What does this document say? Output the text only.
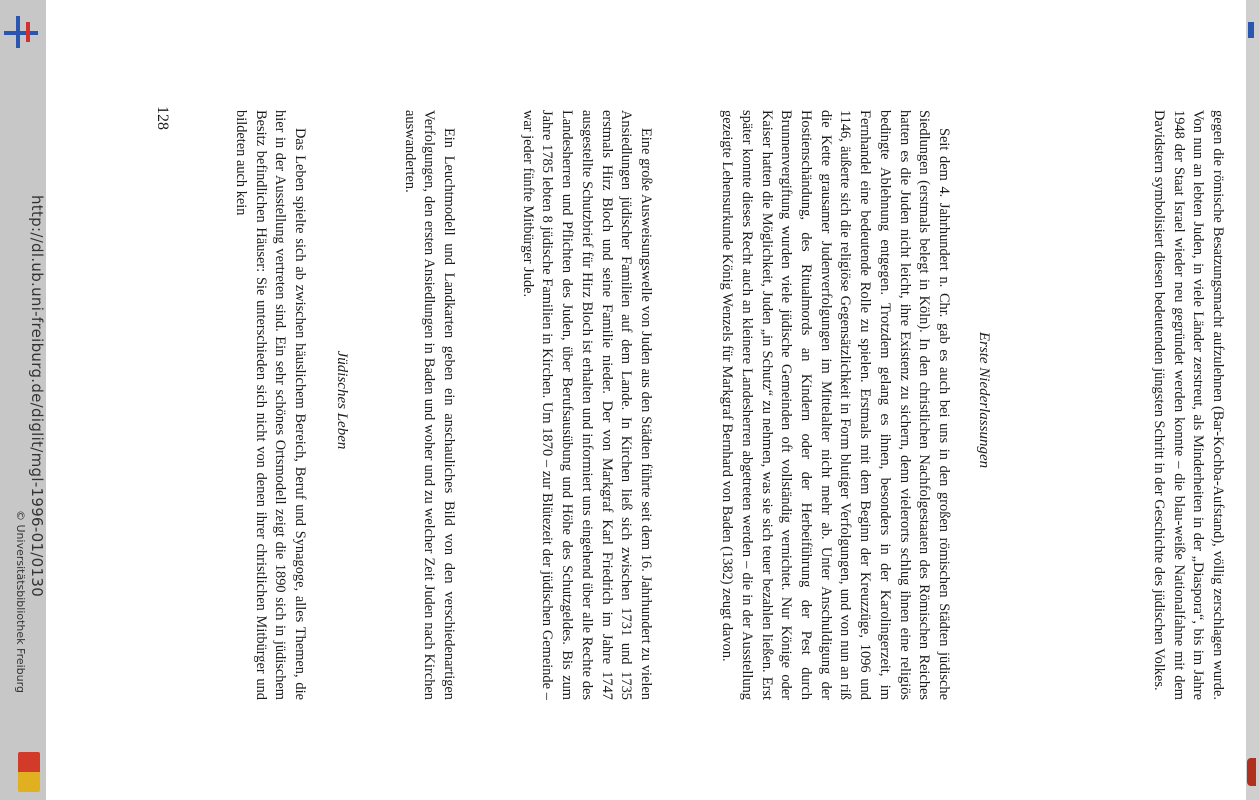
gegen die römische Besatzungsmacht aufzulehnen (Bar-Kochba-Aufstand), völlig zerschlagen wurde. Von nun an lebten Juden, in viele Länder zerstreut, als Minderheiten in der „Diaspora“, bis im Jahre 1948 der Staat Israel wieder neu gegründet werden konnte – die blau-weiße Nationalfahne mit dem Davidstern symbolisiert diesen bedeutenden jüngsten Schritt in der Geschichte des jüdischen Volkes.

Erste Niederlassungen

Seit dem 4. Jahrhundert n. Chr. gab es auch bei uns in den großen römischen Städten jüdische Siedlungen (erstmals belegt in Köln). In den christlichen Nachfolgestaaten des Römischen Reiches hatten es die Juden nicht leicht, ihre Existenz zu sichern, denn vielerorts schlug ihnen eine religiös bedingte Ablehnung entgegen. Trotzdem gelang es ihnen, besonders in der Karolingerzeit, im Fernhandel eine bedeutende Rolle zu spielen. Erstmals mit dem Beginn der Kreuzzüge, 1096 und 1146, äußerte sich die religiöse Gegensätzlichkeit in Form blutiger Verfolgungen, und von nun an riß die Kette grausamer Judenverfolgungen im Mittelalter nicht mehr ab. Unter Anschuldigung der Hostienschändung, des Ritualmords an Kindern oder der Herbeiführung der Pest durch Brunnenvergiftung wurden viele jüdische Gemeinden oft vollständig vernichtet. Nur Könige oder Kaiser hatten die Möglichkeit, Juden „in Schutz“ zu nehmen, was sie sich teuer bezahlen ließen. Erst später konnte dieses Recht auch an kleinere Landesherren abgetreten werden – die in der Ausstellung gezeigte Lehensurkunde König Wenzels für Markgraf Bernhard von Baden (1382) zeugt davon.

Eine große Ausweisungswelle von Juden aus den Städten führte seit dem 16. Jahrhundert zu vielen Ansiedlungen jüdischer Familien auf dem Lande. In Kirchen ließ sich zwischen 1731 und 1735 erstmals Hirz Bloch und seine Familie nieder. Der von Markgraf Karl Friedrich im Jahre 1747 ausgestellte Schutzbrief für Hirz Bloch ist erhalten und informiert uns eingehend über alle Rechte des Landesherren und Pflichten des Juden, über Berufsausübung und Höhe des Schutzgeldes. Bis zum Jahre 1785 lebten 8 jüdische Familien in Kirchen. Um 1870 – zur Blütezeit der jüdischen Gemeinde – war jeder fünfte Mitbürger Jude.

Ein Leuchtmodell und Landkarten geben ein anschauliches Bild von den verschiedenartigen Verfolgungen, den ersten Ansiedlungen in Baden und woher und zu welcher Zeit Juden nach Kirchen auswanderten.

Jüdisches Leben

Das Leben spielte sich ab zwischen häuslichem Bereich, Beruf und Synagoge, alles Themen, die hier in der Ausstellung vertreten sind. Ein sehr schönes Ortsmodell zeigt die 1890 sich in jüdischem Besitz befindlichen Häuser: Sie unterschieden sich nicht von denen ihrer christlichen Mitbürger und bildeten auch kein

128
http://dl.ub.uni-freiburg.de/diglit/mgl-1996-01/0130
© Universitätsbibliothek Freiburg
